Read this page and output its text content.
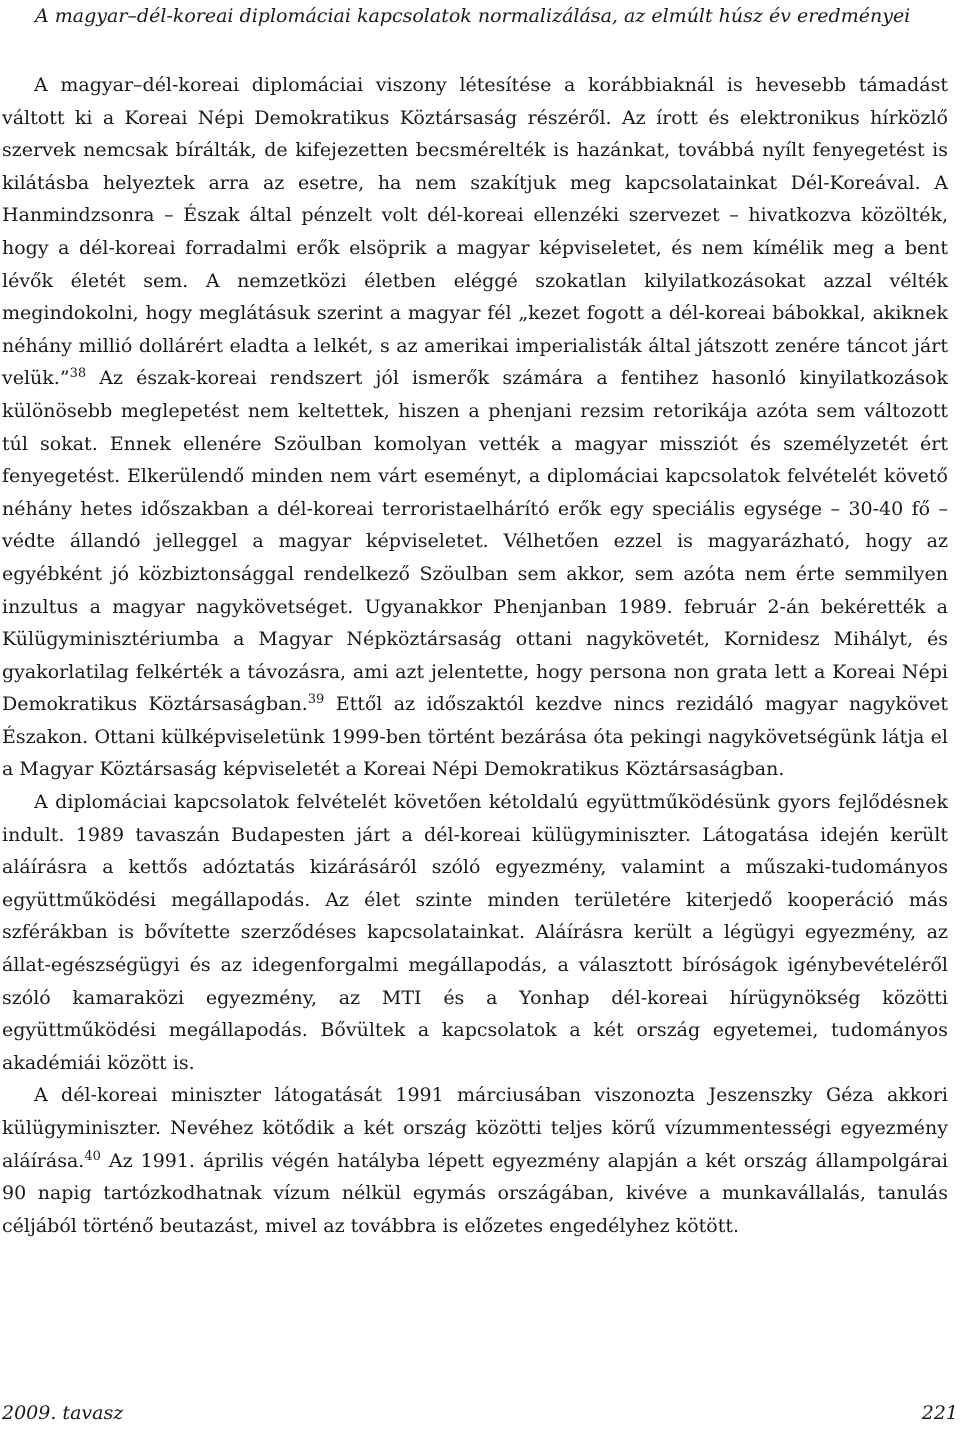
A magyar–dél-koreai diplomáciai kapcsolatok normalizálása, az elmúlt húsz év eredményei

A magyar–dél-koreai diplomáciai viszony létesítése a korábbiaknál is hevesebb támadást váltott ki a Koreai Népi Demokratikus Köztársaság részéről. Az írott és elektronikus hírközlő szervek nemcsak bírálták, de kifejezetten becsmérelték is hazánkat, továbbá nyílt fenyegetést is kilátásba helyeztek arra az esetre, ha nem szakítjuk meg kapcsolatainkat Dél-Koreával. A Hanmindzsonra – Észak által pénzelt volt dél-koreai ellenzéki szervezet – hivatkozva közölték, hogy a dél-koreai forradalmi erők elsöprik a magyar képviseletet, és nem kímélik meg a bent lévők életét sem. A nemzetközi életben eléggé szokatlan kilyilatkozásokat azzal vélték megindokolni, hogy meglátásuk szerint a magyar fél „kezet fogott a dél-koreai bábokkal, akiknek néhány millió dollárért eladta a lelkét, s az amerikai imperialisták által játszott zenére táncot járt velük.”$^{38}$ Az észak-koreai rendszert jól ismerők számára a fentihez hasonló kinyilatkozások különösebb meglepetést nem keltettek, hiszen a phenjani rezsim retorikája azóta sem változott túl sokat. Ennek ellenére Szöulban komolyan vették a magyar missziót és személyzetét ért fenyegetést. Elkerülendő minden nem várt eseményt, a diplomáciai kapcsolatok felvételét követő néhány hetes időszakban a dél-koreai terroristaelhárító erők egy speciális egysége – 30-40 fő – védte állandó jelleggel a magyar képviseletet. Vélhetően ezzel is magyarázható, hogy az egyébként jó közbiztonsággal rendelkező Szöulban sem akkor, sem azóta nem érte semmilyen inzultus a magyar nagykövetséget. Ugyanakkor Phenjanban 1989. február 2-án bekérették a Külügyminisztériumba a Magyar Népköztársaság ottani nagykövetét, Kornidesz Mihályt, és gyakorlatilag felkérték a távozásra, ami azt jelentette, hogy persona non grata lett a Koreai Népi Demokratikus Köztársaságban.$^{39}$ Ettől az időszaktól kezdve nincs rezidáló magyar nagykövet Északon. Ottani külképviseletünk 1999-ben történt bezárása óta pekingi nagykövetségünk látja el a Magyar Köztársaság képviseletét a Koreai Népi Demokratikus Köztársaságban.

A diplomáciai kapcsolatok felvételét követően kétoldalú együttműködésünk gyors fejlődésnek indult. 1989 tavaszán Budapesten járt a dél-koreai külügyminiszter. Látogatása idején került aláírásra a kettős adóztatás kizárásáról szóló egyezmény, valamint a műszaki-tudományos együttműködési megállapodás. Az élet szinte minden területére kiterjedő kooperáció más szférákban is bővítette szerződéses kapcsolatainkat. Aláírásra került a légügyi egyezmény, az állat-egészségügyi és az idegenforgalmi megállapodás, a választott bíróságok igénybevételéről szóló kamaraközi egyezmény, az MTI és a Yonhap dél-koreai hírügynökség közötti együttműködési megállapodás. Bővültek a kapcsolatok a két ország egyetemei, tudományos akadémiái között is.

A dél-koreai miniszter látogatását 1991 márciusában viszonozta Jeszenszky Géza akkori külügyminiszter. Nevéhez kötődik a két ország közötti teljes körű vízummentességi egyezmény aláírása.$^{40}$ Az 1991. április végén hatályba lépett egyezmény alapján a két ország állampolgárai 90 napig tartózkodhatnak vízum nélkül egymás országában, kivéve a munkavállalás, tanulás céljából történő beutazást, mivel az továbbra is előzetes engedélyhez kötött.

2009. tavasz	221
